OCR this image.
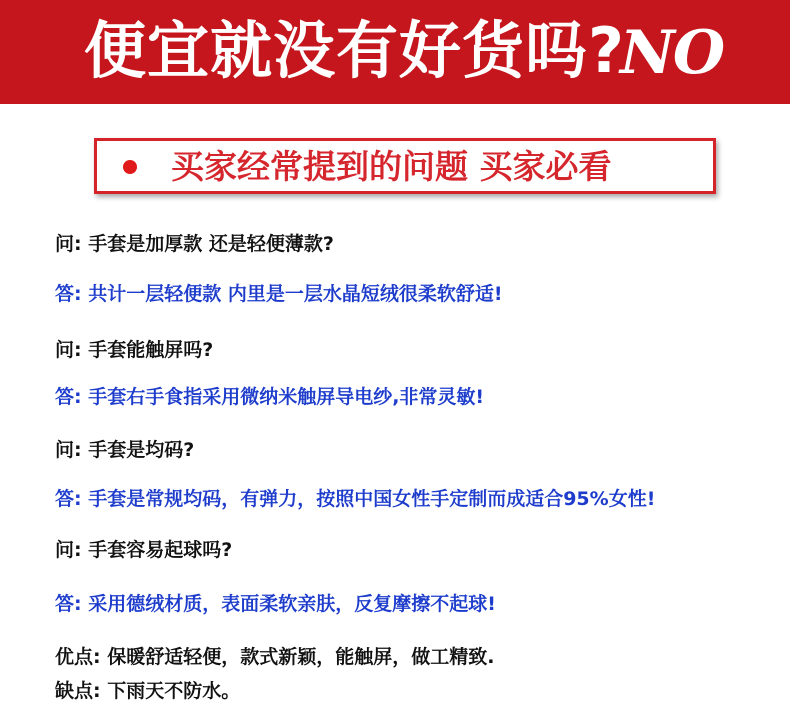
便宜就没有好货吗?
NO
买家经常提到的问题 买家必看
问: 手套是加厚款 还是轻便薄款?
答: 共计一层轻便款 内里是一层水晶短绒很柔软舒适!
问: 手套能触屏吗?
答: 手套右手食指采用微纳米触屏导电纱,非常灵敏!
问: 手套是均码?
答: 手套是常规均码，有弹力，按照中国女性手定制而成适合95%女性!
问: 手套容易起球吗?
答: 采用德绒材质，表面柔软亲肤，反复摩擦不起球!
优点: 保暖舒适轻便，款式新颖，能触屏，做工精致.
缺点: 下雨天不防水。
